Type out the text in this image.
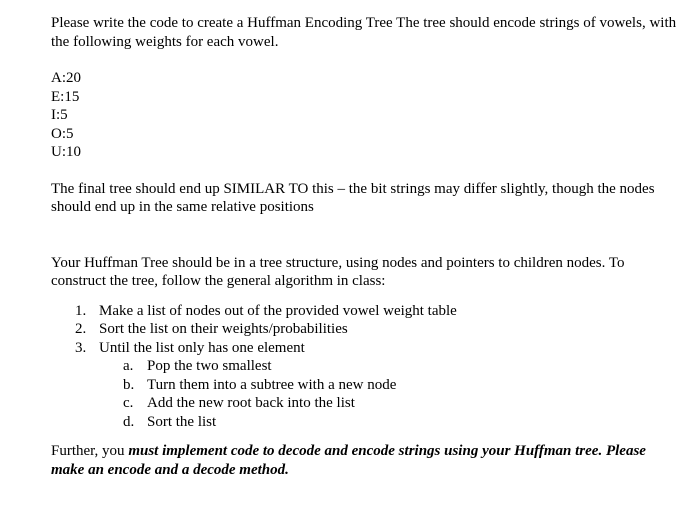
Please write the code to create a Huffman Encoding Tree The tree should encode strings of vowels, with the following weights for each vowel.

A:20
E:15
I:5
O:5
U:10

The final tree should end up SIMILAR TO this – the bit strings may differ slightly, though the nodes should end up in the same relative positions

Your Huffman Tree should be in a tree structure, using nodes and pointers to children nodes. To construct the tree, follow the general algorithm in class:

1. Make a list of nodes out of the provided vowel weight table
2. Sort the list on their weights/probabilities
3. Until the list only has one element
a. Pop the two smallest
b. Turn them into a subtree with a new node
c. Add the new root back into the list
d. Sort the list

Further, you must implement code to decode and encode strings using your Huffman tree. Please make an encode and a decode method.
